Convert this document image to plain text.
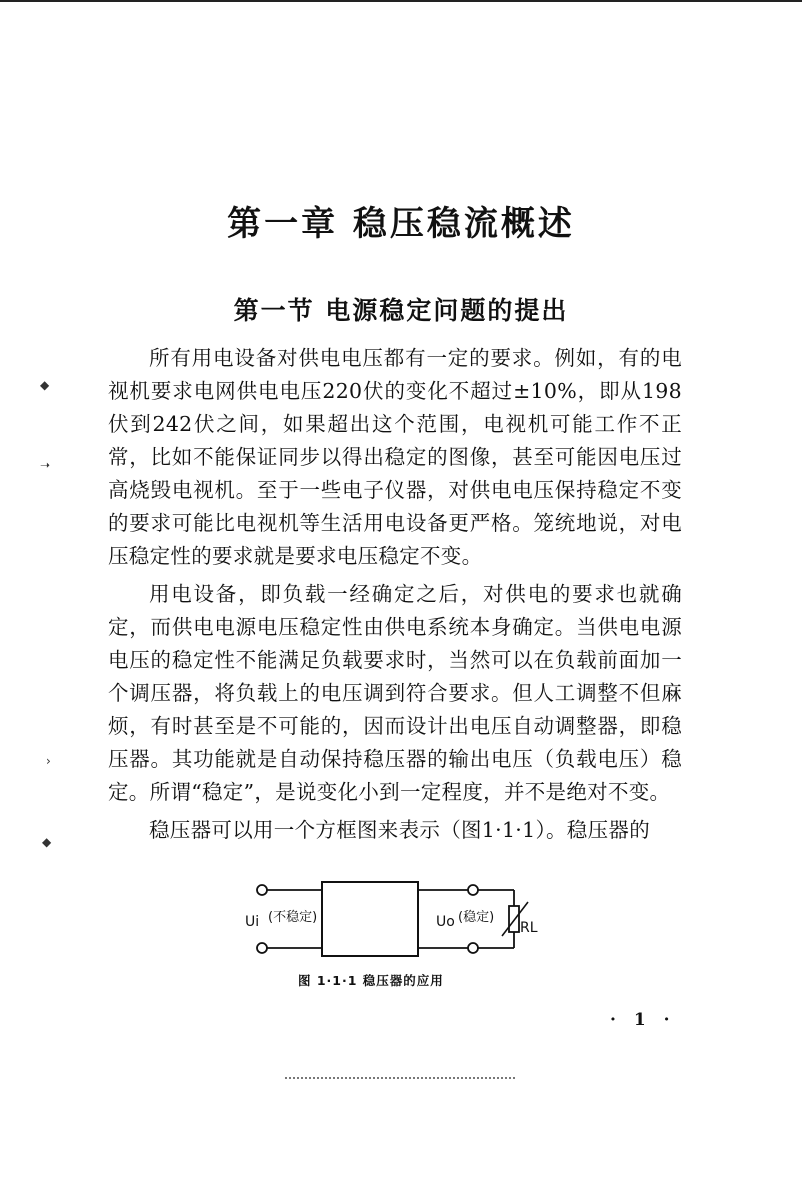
第一章 稳压稳流概述
第一节 电源稳定问题的提出

所有用电设备对供电电压都有一定的要求。例如，有的电视机要求电网供电电压220伏的变化不超过±10%，即从198伏到242伏之间，如果超出这个范围，电视机可能工作不正常，比如不能保证同步以得出稳定的图像，甚至可能因电压过高烧毁电视机。至于一些电子仪器，对供电电压保持稳定不变的要求可能比电视机等生活用电设备更严格。笼统地说，对电压稳定性的要求就是要求电压稳定不变。

用电设备，即负载一经确定之后，对供电的要求也就确定，而供电电源电压稳定性由供电系统本身确定。当供电电源电压的稳定性不能满足负载要求时，当然可以在负载前面加一个调压器，将负载上的电压调到符合要求。但人工调整不但麻烦，有时甚至是不可能的，因而设计出电压自动调整器，即稳压器。其功能就是自动保持稳压器的输出电压（负载电压）稳定。所谓“稳定”，是说变化小到一定程度，并不是绝对不变。

稳压器可以用一个方框图来表示（图1·1·1）。稳压器的

Ui (不稳定)	Uo (稳定)
RL
图 1·1·1 稳压器的应用
· 1 ·
◆
➝
›
◆
